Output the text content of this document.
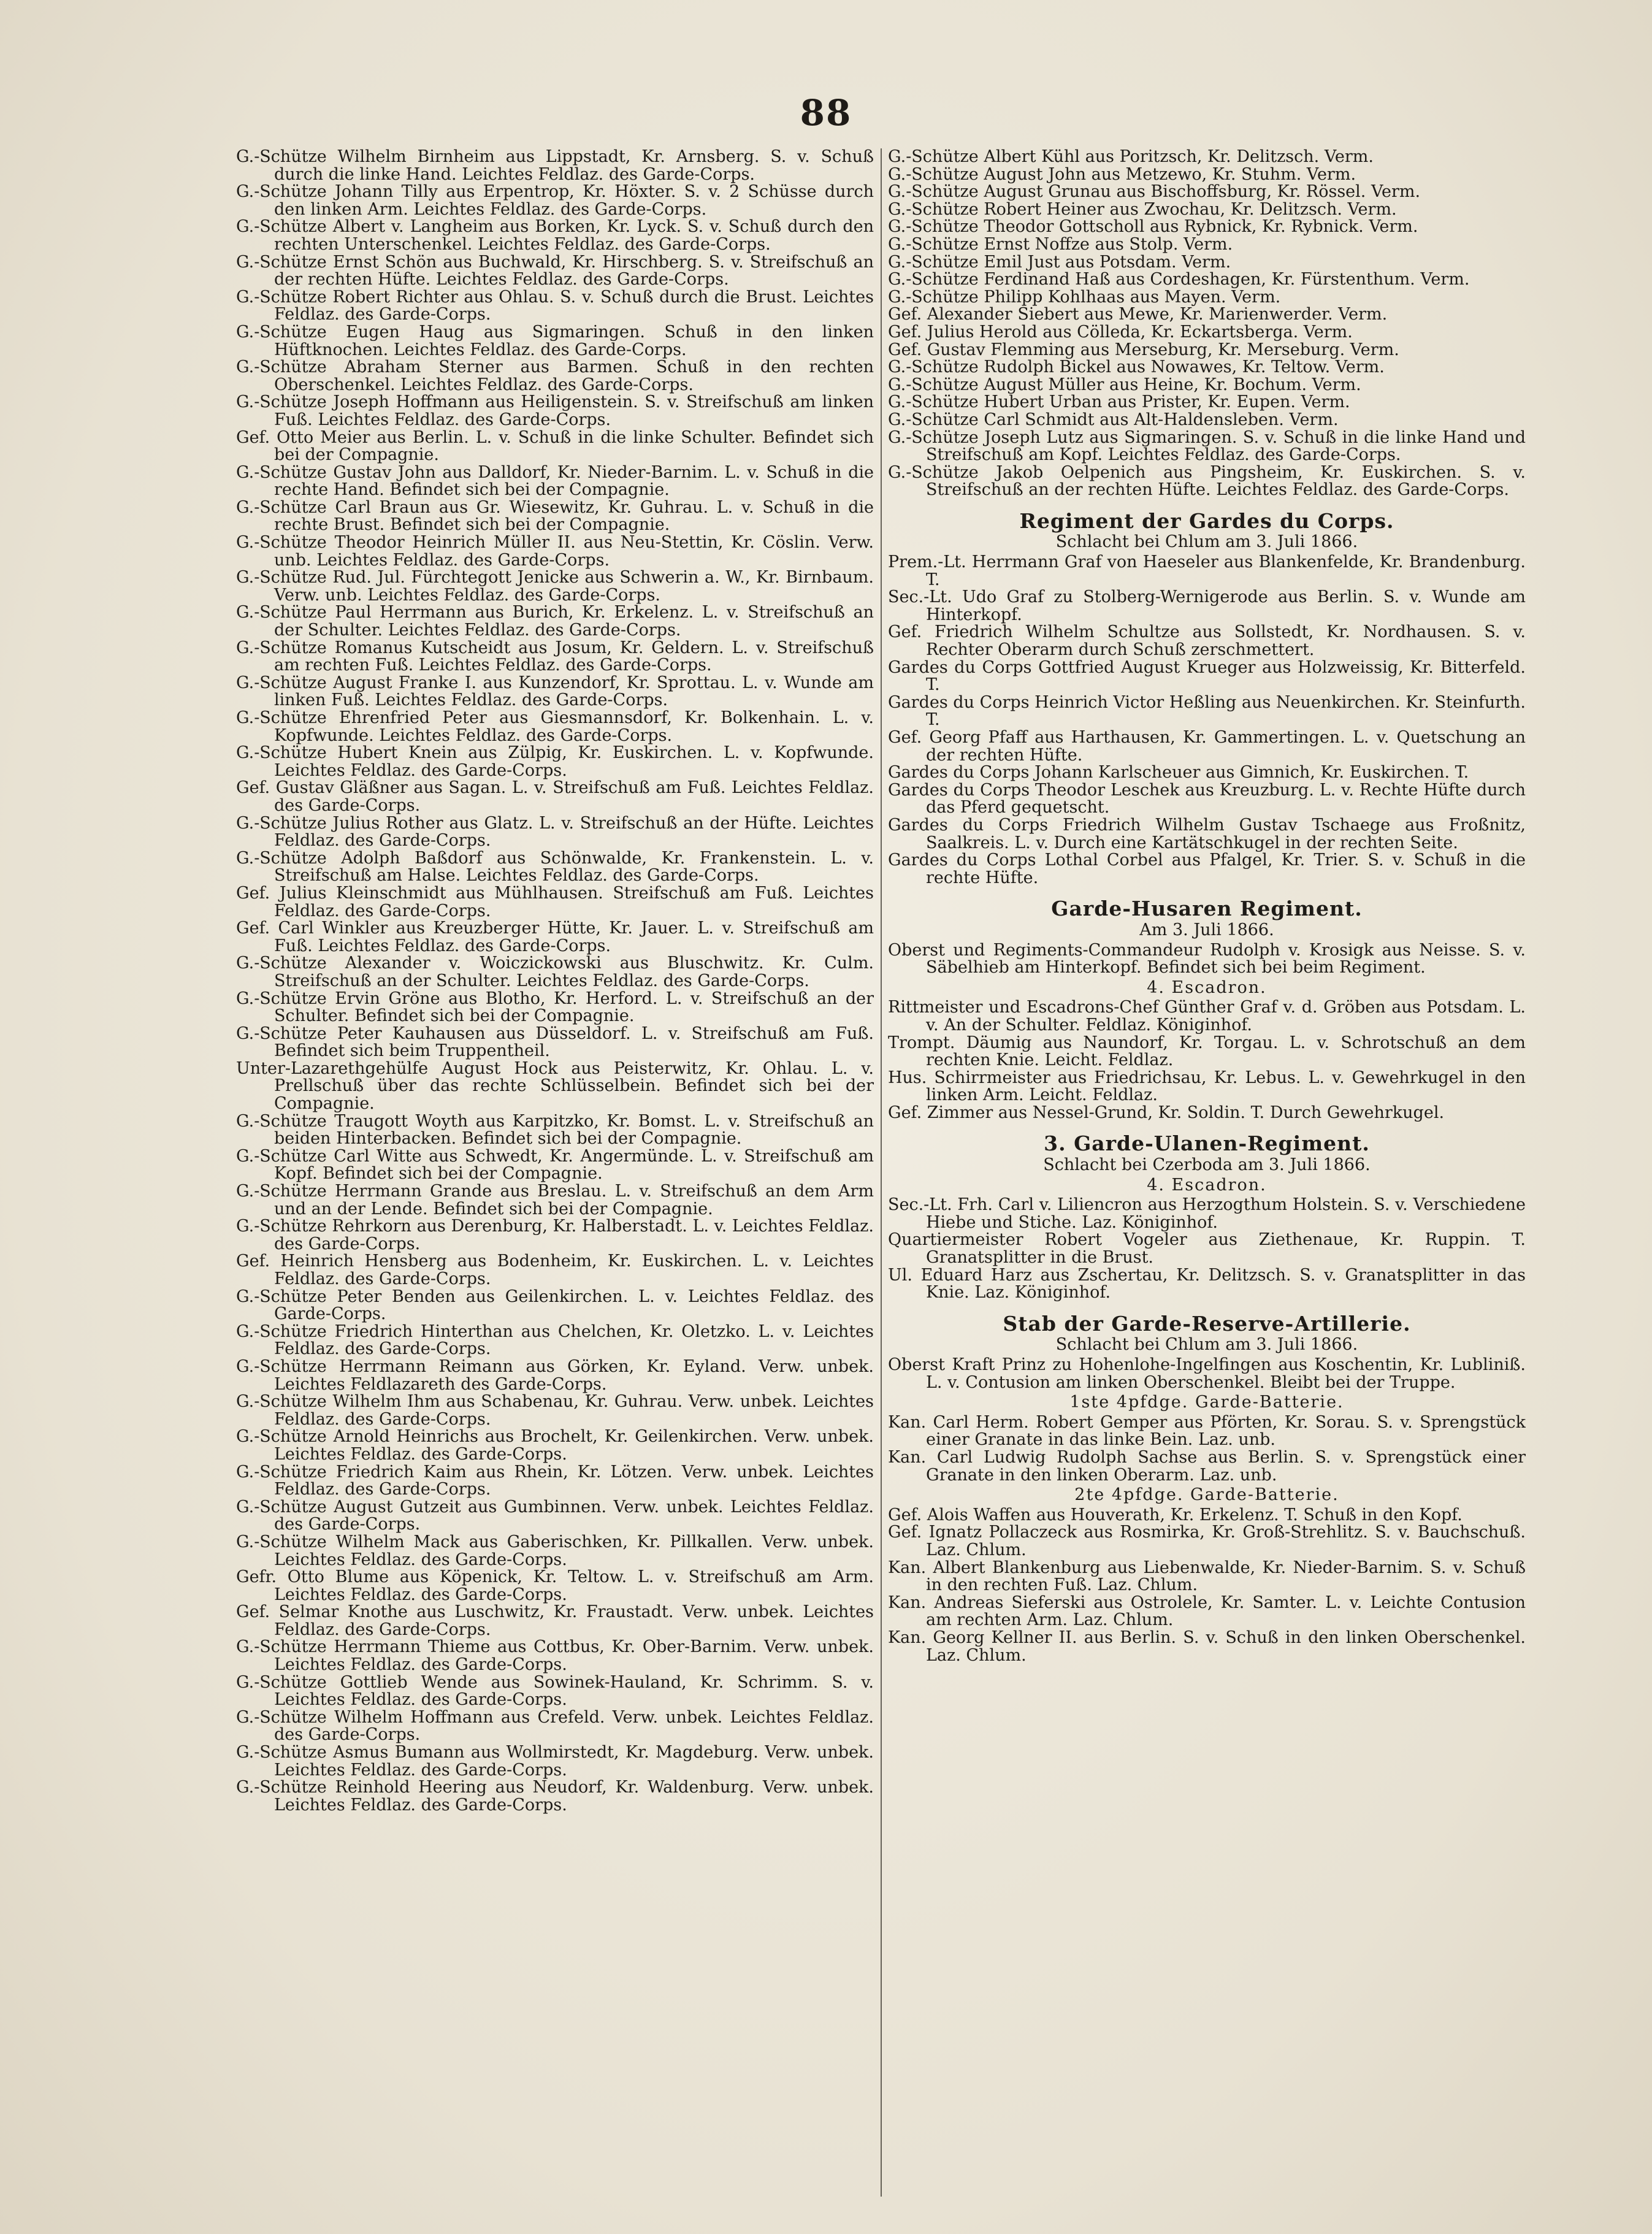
88
G.-Schütze Wilhelm Birnheim aus Lippstadt, Kr. Arnsberg. S. v. Schuß durch die linke Hand. Leichtes Feldlaz. des Garde-Corps.
G.-Schütze Johann Tilly aus Erpentrop, Kr. Höxter. S. v. 2 Schüsse durch den linken Arm. Leichtes Feldlaz. des Garde-Corps.
G.-Schütze Albert v. Langheim aus Borken, Kr. Lyck. S. v. Schuß durch den rechten Unterschenkel. Leichtes Feldlaz. des Garde-Corps.
G.-Schütze Ernst Schön aus Buchwald, Kr. Hirschberg. S. v. Streifschuß an der rechten Hüfte. Leichtes Feldlaz. des Garde-Corps.
G.-Schütze Robert Richter aus Ohlau. S. v. Schuß durch die Brust. Leichtes Feldlaz. des Garde-Corps.
G.-Schütze Eugen Haug aus Sigmaringen. Schuß in den linken Hüftknochen. Leichtes Feldlaz. des Garde-Corps.
G.-Schütze Abraham Sterner aus Barmen. Schuß in den rechten Oberschenkel. Leichtes Feldlaz. des Garde-Corps.
G.-Schütze Joseph Hoffmann aus Heiligenstein. S. v. Streifschuß am linken Fuß. Leichtes Feldlaz. des Garde-Corps.
Gef. Otto Meier aus Berlin. L. v. Schuß in die linke Schulter. Befindet sich bei der Compagnie.
G.-Schütze Gustav John aus Dalldorf, Kr. Nieder-Barnim. L. v. Schuß in die rechte Hand. Befindet sich bei der Compagnie.
G.-Schütze Carl Braun aus Gr. Wiesewitz, Kr. Guhrau. L. v. Schuß in die rechte Brust. Befindet sich bei der Compagnie.
G.-Schütze Theodor Heinrich Müller II. aus Neu-Stettin, Kr. Cöslin. Verw. unb. Leichtes Feldlaz. des Garde-Corps.
G.-Schütze Rud. Jul. Fürchtegott Jenicke aus Schwerin a. W., Kr. Birnbaum. Verw. unb. Leichtes Feldlaz. des Garde-Corps.
G.-Schütze Paul Herrmann aus Burich, Kr. Erkelenz. L. v. Streifschuß an der Schulter. Leichtes Feldlaz. des Garde-Corps.
G.-Schütze Romanus Kutscheidt aus Josum, Kr. Geldern. L. v. Streifschuß am rechten Fuß. Leichtes Feldlaz. des Garde-Corps.
G.-Schütze August Franke I. aus Kunzendorf, Kr. Sprottau. L. v. Wunde am linken Fuß. Leichtes Feldlaz. des Garde-Corps.
G.-Schütze Ehrenfried Peter aus Giesmannsdorf, Kr. Bolkenhain. L. v. Kopfwunde. Leichtes Feldlaz. des Garde-Corps.
G.-Schütze Hubert Knein aus Zülpig, Kr. Euskirchen. L. v. Kopfwunde. Leichtes Feldlaz. des Garde-Corps.
Gef. Gustav Gläßner aus Sagan. L. v. Streifschuß am Fuß. Leichtes Feldlaz. des Garde-Corps.
G.-Schütze Julius Rother aus Glatz. L. v. Streifschuß an der Hüfte. Leichtes Feldlaz. des Garde-Corps.
G.-Schütze Adolph Baßdorf aus Schönwalde, Kr. Frankenstein. L. v. Streifschuß am Halse. Leichtes Feldlaz. des Garde-Corps.
Gef. Julius Kleinschmidt aus Mühlhausen. Streifschuß am Fuß. Leichtes Feldlaz. des Garde-Corps.
Gef. Carl Winkler aus Kreuzberger Hütte, Kr. Jauer. L. v. Streifschuß am Fuß. Leichtes Feldlaz. des Garde-Corps.
G.-Schütze Alexander v. Woiczickowski aus Bluschwitz. Kr. Culm. Streifschuß an der Schulter. Leichtes Feldlaz. des Garde-Corps.
G.-Schütze Ervin Gröne aus Blotho, Kr. Herford. L. v. Streifschuß an der Schulter. Befindet sich bei der Compagnie.
G.-Schütze Peter Kauhausen aus Düsseldorf. L. v. Streifschuß am Fuß. Befindet sich beim Truppentheil.
Unter-Lazarethgehülfe August Hock aus Peisterwitz, Kr. Ohlau. L. v. Prellschuß über das rechte Schlüsselbein. Befindet sich bei der Compagnie.
G.-Schütze Traugott Woyth aus Karpitzko, Kr. Bomst. L. v. Streifschuß an beiden Hinterbacken. Befindet sich bei der Compagnie.
G.-Schütze Carl Witte aus Schwedt, Kr. Angermünde. L. v. Streifschuß am Kopf. Befindet sich bei der Compagnie.
G.-Schütze Herrmann Grande aus Breslau. L. v. Streifschuß an dem Arm und an der Lende. Befindet sich bei der Compagnie.
G.-Schütze Rehrkorn aus Derenburg, Kr. Halberstadt. L. v. Leichtes Feldlaz. des Garde-Corps.
Gef. Heinrich Hensberg aus Bodenheim, Kr. Euskirchen. L. v. Leichtes Feldlaz. des Garde-Corps.
G.-Schütze Peter Benden aus Geilenkirchen. L. v. Leichtes Feldlaz. des Garde-Corps.
G.-Schütze Friedrich Hinterthan aus Chelchen, Kr. Oletzko. L. v. Leichtes Feldlaz. des Garde-Corps.
G.-Schütze Herrmann Reimann aus Görken, Kr. Eyland. Verw. unbek. Leichtes Feldlazareth des Garde-Corps.
G.-Schütze Wilhelm Ihm aus Schabenau, Kr. Guhrau. Verw. unbek. Leichtes Feldlaz. des Garde-Corps.
G.-Schütze Arnold Heinrichs aus Brochelt, Kr. Geilenkirchen. Verw. unbek. Leichtes Feldlaz. des Garde-Corps.
G.-Schütze Friedrich Kaim aus Rhein, Kr. Lötzen. Verw. unbek. Leichtes Feldlaz. des Garde-Corps.
G.-Schütze August Gutzeit aus Gumbinnen. Verw. unbek. Leichtes Feldlaz. des Garde-Corps.
G.-Schütze Wilhelm Mack aus Gaberischken, Kr. Pillkallen. Verw. unbek. Leichtes Feldlaz. des Garde-Corps.
Gefr. Otto Blume aus Köpenick, Kr. Teltow. L. v. Streifschuß am Arm. Leichtes Feldlaz. des Garde-Corps.
Gef. Selmar Knothe aus Luschwitz, Kr. Fraustadt. Verw. unbek. Leichtes Feldlaz. des Garde-Corps.
G.-Schütze Herrmann Thieme aus Cottbus, Kr. Ober-Barnim. Verw. unbek. Leichtes Feldlaz. des Garde-Corps.
G.-Schütze Gottlieb Wende aus Sowinek-Hauland, Kr. Schrimm. S. v. Leichtes Feldlaz. des Garde-Corps.
G.-Schütze Wilhelm Hoffmann aus Crefeld. Verw. unbek. Leichtes Feldlaz. des Garde-Corps.
G.-Schütze Asmus Bumann aus Wollmirstedt, Kr. Magdeburg. Verw. unbek. Leichtes Feldlaz. des Garde-Corps.
G.-Schütze Reinhold Heering aus Neudorf, Kr. Waldenburg. Verw. unbek. Leichtes Feldlaz. des Garde-Corps.
G.-Schütze Albert Kühl aus Poritzsch, Kr. Delitzsch. Verm.
G.-Schütze August John aus Metzewo, Kr. Stuhm. Verm.
G.-Schütze August Grunau aus Bischoffsburg, Kr. Rössel. Verm.
G.-Schütze Robert Heiner aus Zwochau, Kr. Delitzsch. Verm.
G.-Schütze Theodor Gottscholl aus Rybnick, Kr. Rybnick. Verm.
G.-Schütze Ernst Noffze aus Stolp. Verm.
G.-Schütze Emil Just aus Potsdam. Verm.
G.-Schütze Ferdinand Haß aus Cordeshagen, Kr. Fürstenthum. Verm.
G.-Schütze Philipp Kohlhaas aus Mayen. Verm.
Gef. Alexander Siebert aus Mewe, Kr. Marienwerder. Verm.
Gef. Julius Herold aus Cölleda, Kr. Eckartsberga. Verm.
Gef. Gustav Flemming aus Merseburg, Kr. Merseburg. Verm.
G.-Schütze Rudolph Bickel aus Nowawes, Kr. Teltow. Verm.
G.-Schütze August Müller aus Heine, Kr. Bochum. Verm.
G.-Schütze Hubert Urban aus Prister, Kr. Eupen. Verm.
G.-Schütze Carl Schmidt aus Alt-Haldensleben. Verm.
G.-Schütze Joseph Lutz aus Sigmaringen. S. v. Schuß in die linke Hand und Streifschuß am Kopf. Leichtes Feldlaz. des Garde-Corps.
G.-Schütze Jakob Oelpenich aus Pingsheim, Kr. Euskirchen. S. v. Streifschuß an der rechten Hüfte. Leichtes Feldlaz. des Garde-Corps.
Regiment der Gardes du Corps.
Schlacht bei Chlum am 3. Juli 1866.
Prem.-Lt. Herrmann Graf von Haeseler aus Blankenfelde, Kr. Brandenburg. T.
Sec.-Lt. Udo Graf zu Stolberg-Wernigerode aus Berlin. S. v. Wunde am Hinterkopf.
Gef. Friedrich Wilhelm Schultze aus Sollstedt, Kr. Nordhausen. S. v. Rechter Oberarm durch Schuß zerschmettert.
Gardes du Corps Gottfried August Krueger aus Holzweissig, Kr. Bitterfeld. T.
Gardes du Corps Heinrich Victor Heßling aus Neuenkirchen. Kr. Steinfurth. T.
Gef. Georg Pfaff aus Harthausen, Kr. Gammertingen. L. v. Quetschung an der rechten Hüfte.
Gardes du Corps Johann Karlscheuer aus Gimnich, Kr. Euskirchen. T.
Gardes du Corps Theodor Leschek aus Kreuzburg. L. v. Rechte Hüfte durch das Pferd gequetscht.
Gardes du Corps Friedrich Wilhelm Gustav Tschaege aus Froßnitz, Saalkreis. L. v. Durch eine Kartätschkugel in der rechten Seite.
Gardes du Corps Lothal Corbel aus Pfalgel, Kr. Trier. S. v. Schuß in die rechte Hüfte.
Garde-Husaren Regiment.
Am 3. Juli 1866.
Oberst und Regiments-Commandeur Rudolph v. Krosigk aus Neisse. S. v. Säbelhieb am Hinterkopf. Befindet sich bei beim Regiment.
4. Escadron.
Rittmeister und Escadrons-Chef Günther Graf v. d. Gröben aus Potsdam. L. v. An der Schulter. Feldlaz. Königinhof.
Trompt. Däumig aus Naundorf, Kr. Torgau. L. v. Schrotschuß an dem rechten Knie. Leicht. Feldlaz.
Hus. Schirrmeister aus Friedrichsau, Kr. Lebus. L. v. Gewehrkugel in den linken Arm. Leicht. Feldlaz.
Gef. Zimmer aus Nessel-Grund, Kr. Soldin. T. Durch Gewehrkugel.
3. Garde-Ulanen-Regiment.
Schlacht bei Czerboda am 3. Juli 1866.
4. Escadron.
Sec.-Lt. Frh. Carl v. Liliencron aus Herzogthum Holstein. S. v. Verschiedene Hiebe und Stiche. Laz. Königinhof.
Quartiermeister Robert Vogeler aus Ziethenaue, Kr. Ruppin. T. Granatsplitter in die Brust.
Ul. Eduard Harz aus Zschertau, Kr. Delitzsch. S. v. Granatsplitter in das Knie. Laz. Königinhof.
Stab der Garde-Reserve-Artillerie.
Schlacht bei Chlum am 3. Juli 1866.
Oberst Kraft Prinz zu Hohenlohe-Ingelfingen aus Koschentin, Kr. Lubliniß. L. v. Contusion am linken Oberschenkel. Bleibt bei der Truppe.
1ste 4pfdge. Garde-Batterie.
Kan. Carl Herm. Robert Gemper aus Pförten, Kr. Sorau. S. v. Sprengstück einer Granate in das linke Bein. Laz. unb.
Kan. Carl Ludwig Rudolph Sachse aus Berlin. S. v. Sprengstück einer Granate in den linken Oberarm. Laz. unb.
2te 4pfdge. Garde-Batterie.
Gef. Alois Waffen aus Houverath, Kr. Erkelenz. T. Schuß in den Kopf.
Gef. Ignatz Pollaczeck aus Rosmirka, Kr. Groß-Strehlitz. S. v. Bauchschuß. Laz. Chlum.
Kan. Albert Blankenburg aus Liebenwalde, Kr. Nieder-Barnim. S. v. Schuß in den rechten Fuß. Laz. Chlum.
Kan. Andreas Sieferski aus Ostrolele, Kr. Samter. L. v. Leichte Contusion am rechten Arm. Laz. Chlum.
Kan. Georg Kellner II. aus Berlin. S. v. Schuß in den linken Oberschenkel. Laz. Chlum.
